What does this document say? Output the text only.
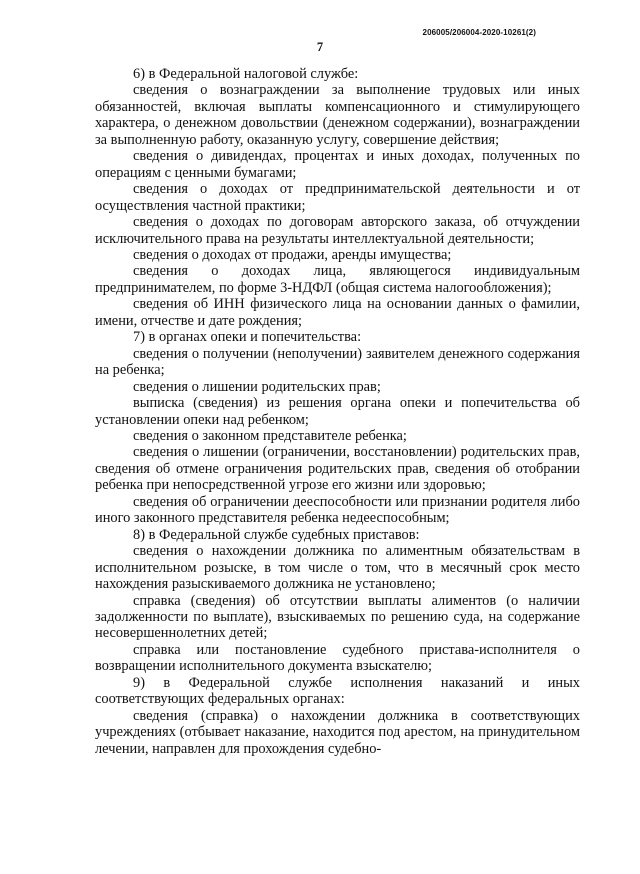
206005/206004-2020-10261(2)
7

6) в Федеральной налоговой службе:

сведения о вознаграждении за выполнение трудовых или иных обязанностей, включая выплаты компенсационного и стимулирующего характера, о денежном довольствии (денежном содержании), вознаграждении за выполненную работу, оказанную услугу, совершение действия;

сведения о дивидендах, процентах и иных доходах, полученных по операциям с ценными бумагами;

сведения о доходах от предпринимательской деятельности и от осуществления частной практики;

сведения о доходах по договорам авторского заказа, об отчуждении исключительного права на результаты интеллектуальной деятельности;

сведения о доходах от продажи, аренды имущества;

сведения о доходах лица, являющегося индивидуальным предпринимателем, по форме 3-НДФЛ (общая система налогообложения);

сведения об ИНН физического лица на основании данных о фамилии, имени, отчестве и дате рождения;

7) в органах опеки и попечительства:

сведения о получении (неполучении) заявителем денежного содержания на ребенка;

сведения о лишении родительских прав;

выписка (сведения) из решения органа опеки и попечительства об установлении опеки над ребенком;

сведения о законном представителе ребенка;

сведения о лишении (ограничении, восстановлении) родительских прав, сведения об отмене ограничения родительских прав, сведения об отобрании ребенка при непосредственной угрозе его жизни или здоровью;

сведения об ограничении дееспособности или признании родителя либо иного законного представителя ребенка недееспособным;

8) в Федеральной службе судебных приставов:

сведения о нахождении должника по алиментным обязательствам в исполнительном розыске, в том числе о том, что в месячный срок место нахождения разыскиваемого должника не установлено;

справка (сведения) об отсутствии выплаты алиментов (о наличии задолженности по выплате), взыскиваемых по решению суда, на содержание несовершеннолетних детей;

справка или постановление судебного пристава-исполнителя о возвращении исполнительного документа взыскателю;

9) в Федеральной службе исполнения наказаний и иных соответствующих федеральных органах:

сведения (справка) о нахождении должника в соответствующих учреждениях (отбывает наказание, находится под арестом, на принудительном лечении, направлен для прохождения судебно-
